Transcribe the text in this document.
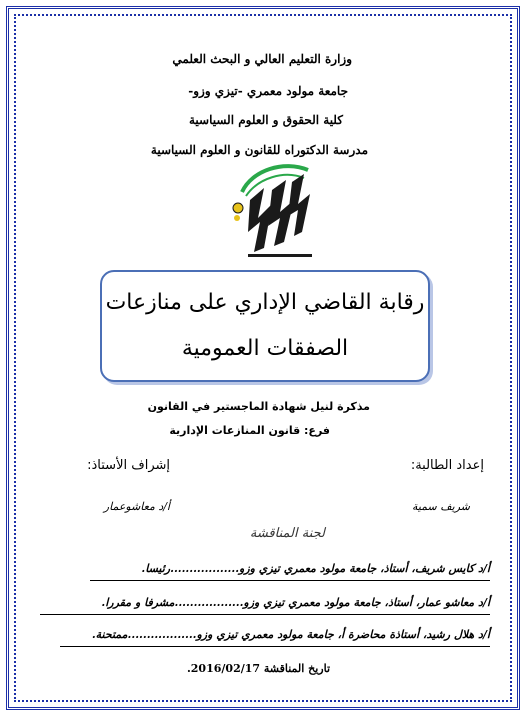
وزارة التعليم العالي و البحث العلمي
جامعة مولود معمري -تيزي وزو-
كلية الحقوق و العلوم السياسية
مدرسة الدكتوراه للقانون و العلوم السياسية
رقابة القاضي الإداري على منازعات
الصفقات العمومية
مذكرة لنيل شهادة الماجستير في القانون
فرع: قانون المنازعات الإدارية
إعداد الطالبة:
إشراف الأستاذ:
شريف سمية
أ/د معاشوعمار
لجنة المناقشة
أ/د كايس شريف، أستاذ، جامعة مولود معمري تيزي وزو..................رئيسا.
أ/د معاشو عمار، أستاذ، جامعة مولود معمري تيزي وزو..................مشرفا و مقررا.
أ/د هلال رشيد، أستاذة محاضرة أ، جامعة مولود معمري تيزي وزو..................ممتحنة.
تاريخ المناقشة 2016/02/17.
